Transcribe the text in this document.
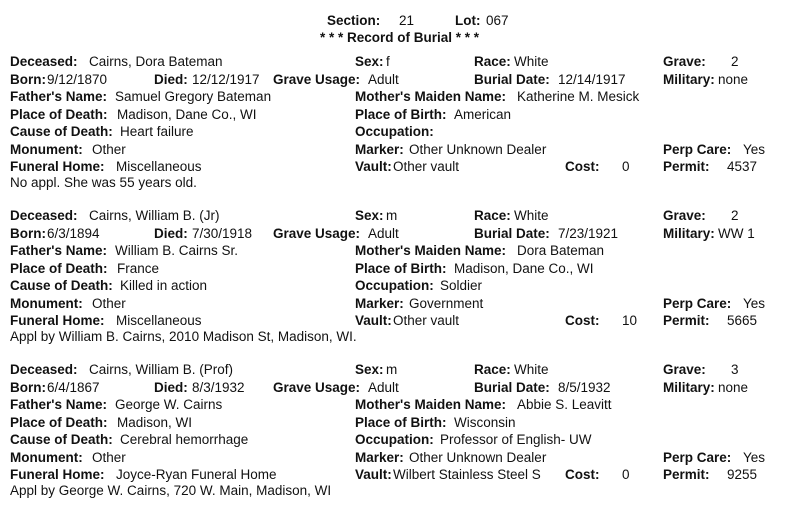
Section: 21	Lot: 067
* * * Record of Burial * * *
Deceased: Cairns, Dora Bateman	Sex: f	Race: White	Grave: 2
Born: 9/12/1870	Died: 12/12/1917 Grave Usage: Adult	Burial Date: 12/14/1917	Military: none
Father's Name: Samuel Gregory Bateman	Mother's Maiden Name: Katherine M. Mesick
Place of Death: Madison, Dane Co., WI	Place of Birth: American
Cause of Death: Heart failure	Occupation:
Monument: Other	Marker: Other Unknown Dealer	Perp Care: Yes
Funeral Home: Miscellaneous	Vault: Other vault	Cost: 0 Permit: 4537
No appl. She was 55 years old.
Deceased: Cairns, William B. (Jr)	Sex: m	Race: White	Grave: 2
Born: 6/3/1894	Died: 7/30/1918 Grave Usage: Adult	Burial Date: 7/23/1921	Military: WW 1
Father's Name: William B. Cairns Sr.	Mother's Maiden Name: Dora Bateman
Place of Death: France	Place of Birth: Madison, Dane Co., WI
Cause of Death: Killed in action	Occupation: Soldier
Monument: Other	Marker: Government	Perp Care: Yes
Funeral Home: Miscellaneous	Vault: Other vault	Cost: 10 Permit: 5665
Appl by William B. Cairns, 2010 Madison St, Madison, WI.
Deceased: Cairns, William B. (Prof)	Sex: m	Race: White	Grave: 3
Born: 6/4/1867	Died: 8/3/1932 Grave Usage: Adult	Burial Date: 8/5/1932	Military: none
Father's Name: George W. Cairns	Mother's Maiden Name: Abbie S. Leavitt
Place of Death: Madison, WI	Place of Birth: Wisconsin
Cause of Death: Cerebral hemorrhage	Occupation: Professor of English- UW
Monument: Other	Marker: Other Unknown Dealer	Perp Care: Yes
Funeral Home: Joyce-Ryan Funeral Home	Vault: Wilbert Stainless Steel S Cost: 0 Permit: 9255
Appl by George W. Cairns, 720 W. Main, Madison, WI
